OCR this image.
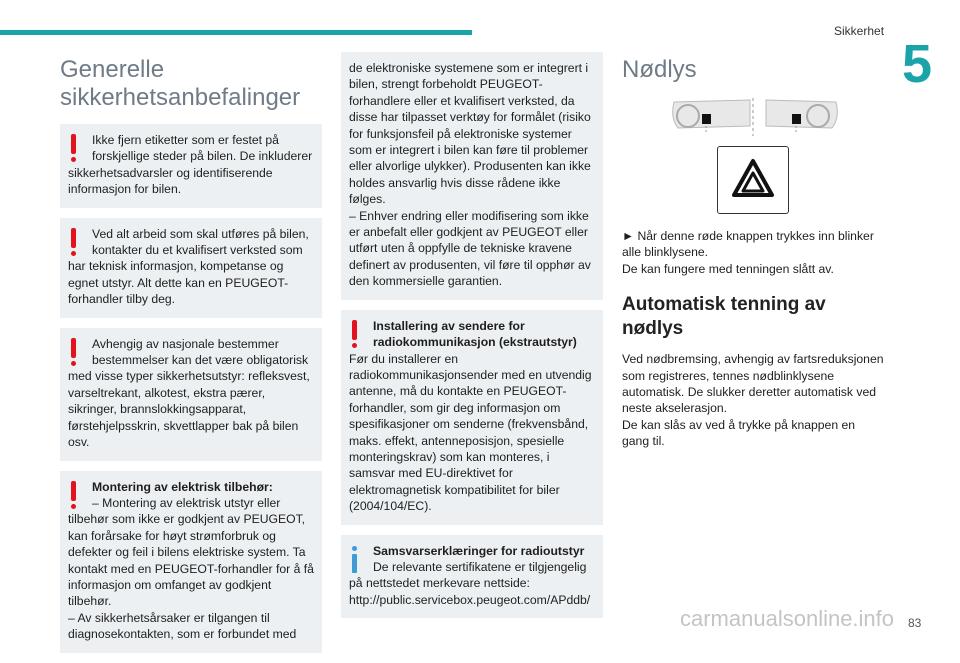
Sikkerhet
5
Generelle sikkerhetsanbefalinger

Ikke fjern etiketter som er festet på forskjellige steder på bilen. De inkluderer sikkerhetsadvarsler og identifiserende informasjon for bilen.

Ved alt arbeid som skal utføres på bilen, kontakter du et kvalifisert verksted som har teknisk informasjon, kompetanse og egnet utstyr. Alt dette kan en PEUGEOT-forhandler tilby deg.

Avhengig av nasjonale bestemmer bestemmelser kan det være obligatorisk med visse typer sikkerhetsutstyr: refleksvest, varseltrekant, alkotest, ekstra pærer, sikringer, brannslokkingsapparat, førstehjelpsskrin, skvettlapper bak på bilen osv.

Montering av elektrisk tilbehør:

– Montering av elektrisk utstyr eller tilbehør som ikke er godkjent av PEUGEOT, kan forårsake for høyt strømforbruk og defekter og feil i bilens elektriske system. Ta kontakt med en PEUGEOT-forhandler for å få informasjon om omfanget av godkjent tilbehør.

– Av sikkerhetsårsaker er tilgangen til diagnosekontakten, som er forbundet med

de elektroniske systemene som er integrert i bilen, strengt forbeholdt PEUGEOT-forhandlere eller et kvalifisert verksted, da disse har tilpasset verktøy for formålet (risiko for funksjonsfeil på elektroniske systemer som er integrert i bilen kan føre til problemer eller alvorlige ulykker). Produsenten kan ikke holdes ansvarlig hvis disse rådene ikke følges.

– Enhver endring eller modifisering som ikke er anbefalt eller godkjent av PEUGEOT eller utført uten å oppfylle de tekniske kravene definert av produsenten, vil føre til opphør av den kommersielle garantien.

Installering av sendere for radiokommunikasjon (ekstrautstyr)

Før du installerer en radiokommunikasjonsender med en utvendig antenne, må du kontakte en PEUGEOT-forhandler, som gir deg informasjon om spesifikasjoner om senderne (frekvensbånd, maks. effekt, antenneposisjon, spesielle monteringskrav) som kan monteres, i samsvar med EU-direktivet for elektromagnetisk kompatibilitet for biler (2004/104/EC).

Samsvarserklæringer for radioutstyr

De relevante sertifikatene er tilgjengelig på nettstedet merkevare nettside: http://public.servicebox.peugeot.com/APddb/

Nødlys

► Når denne røde knappen trykkes inn blinker alle blinklysene.

De kan fungere med tenningen slått av.

Automatisk tenning av nødlys

Ved nødbremsing, avhengig av fartsreduksjonen som registreres, tennes nødblinklysene automatisk. De slukker deretter automatisk ved neste akselerasjon.

De kan slås av ved å trykke på knappen en gang til.

83
carmanualsonline.info
